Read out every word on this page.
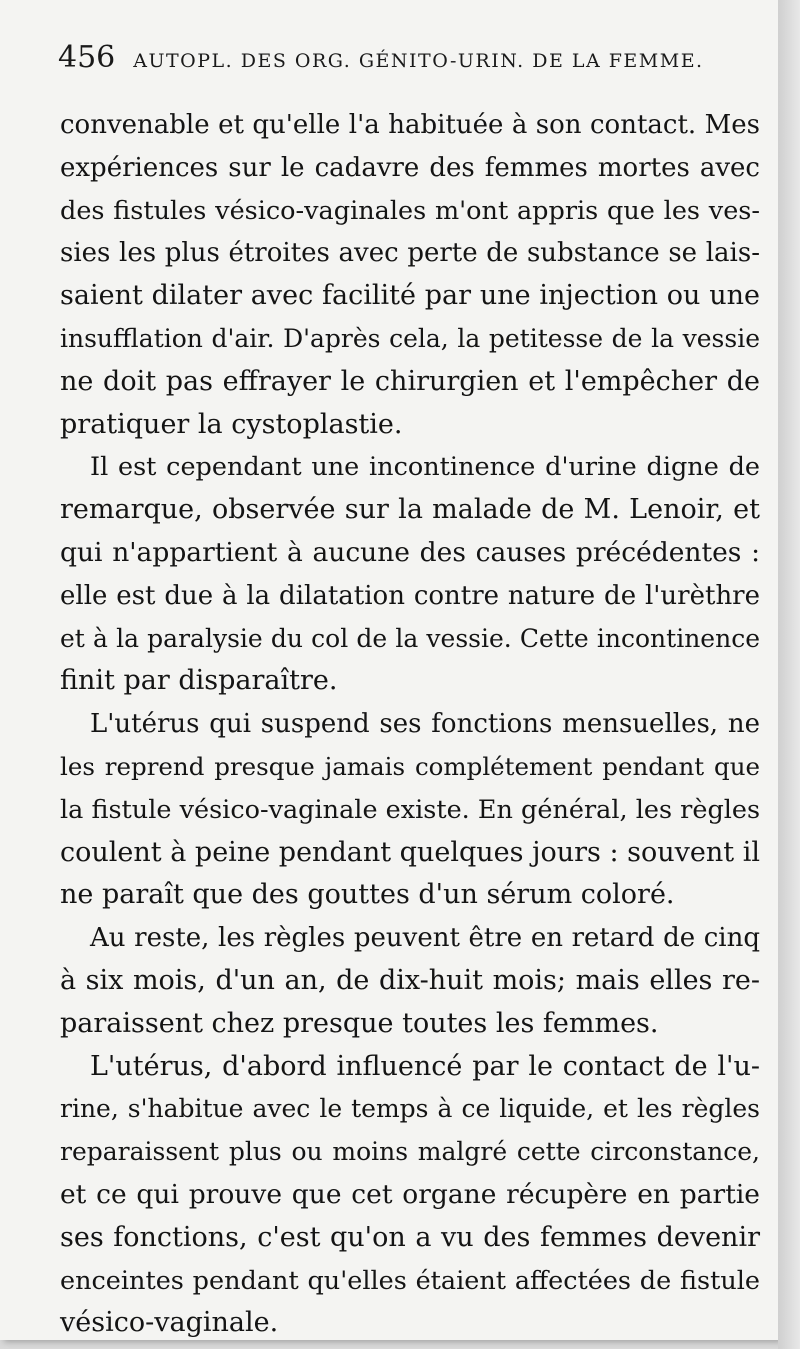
456 AUTOPL. DES ORG. GÉNITO-URIN. DE LA FEMME.
convenable et qu'elle l'a habituée à son contact. Mes
expériences sur le cadavre des femmes mortes avec
des fistules vésico-vaginales m'ont appris que les ves-
sies les plus étroites avec perte de substance se lais-
saient dilater avec facilité par une injection ou une
insufflation d'air. D'après cela, la petitesse de la vessie
ne doit pas effrayer le chirurgien et l'empêcher de
pratiquer la cystoplastie.
Il est cependant une incontinence d'urine digne de
remarque, observée sur la malade de M. Lenoir, et
qui n'appartient à aucune des causes précédentes :
elle est due à la dilatation contre nature de l'urèthre
et à la paralysie du col de la vessie. Cette incontinence
finit par disparaître.
L'utérus qui suspend ses fonctions mensuelles, ne
les reprend presque jamais complétement pendant que
la fistule vésico-vaginale existe. En général, les règles
coulent à peine pendant quelques jours : souvent il
ne paraît que des gouttes d'un sérum coloré.
Au reste, les règles peuvent être en retard de cinq
à six mois, d'un an, de dix-huit mois; mais elles re-
paraissent chez presque toutes les femmes.
L'utérus, d'abord influencé par le contact de l'u-
rine, s'habitue avec le temps à ce liquide, et les règles
reparaissent plus ou moins malgré cette circonstance,
et ce qui prouve que cet organe récupère en partie
ses fonctions, c'est qu'on a vu des femmes devenir
enceintes pendant qu'elles étaient affectées de fistule
vésico-vaginale.
